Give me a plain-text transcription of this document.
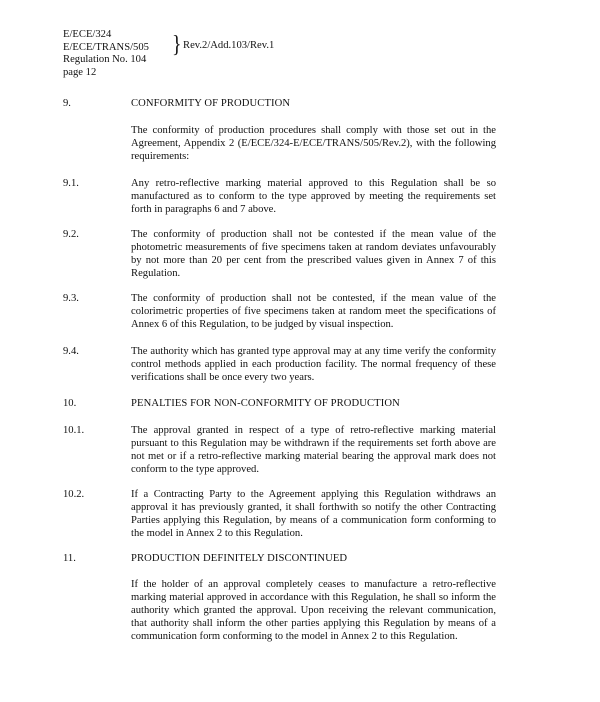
E/ECE/324
E/ECE/TRANS/505
Regulation No. 104
page 12
} Rev.2/Add.103/Rev.1
9.	CONFORMITY OF PRODUCTION
The conformity of production procedures shall comply with those set out in the Agreement, Appendix 2 (E/ECE/324-E/ECE/TRANS/505/Rev.2), with the following requirements:
9.1.	Any retro-reflective marking material approved to this Regulation shall be so manufactured as to conform to the type approved by meeting the requirements set forth in paragraphs 6 and 7 above.
9.2.	The conformity of production shall not be contested if the mean value of the photometric measurements of five specimens taken at random deviates unfavourably by not more than 20 per cent from the prescribed values given in Annex 7 of this Regulation.
9.3.	The conformity of production shall not be contested, if the mean value of the colorimetric properties of five specimens taken at random meet the specifications of Annex 6 of this Regulation, to be judged by visual inspection.
9.4.	The authority which has granted type approval may at any time verify the conformity control methods applied in each production facility. The normal frequency of these verifications shall be once every two years.
10.	PENALTIES FOR NON-CONFORMITY OF PRODUCTION
10.1.	The approval granted in respect of a type of retro-reflective marking material pursuant to this Regulation may be withdrawn if the requirements set forth above are not met or if a retro-reflective marking material bearing the approval mark does not conform to the type approved.
10.2.	If a Contracting Party to the Agreement applying this Regulation withdraws an approval it has previously granted, it shall forthwith so notify the other Contracting Parties applying this Regulation, by means of a communication form conforming to the model in Annex 2 to this Regulation.
11.	PRODUCTION DEFINITELY DISCONTINUED
If the holder of an approval completely ceases to manufacture a retro-reflective marking material approved in accordance with this Regulation, he shall so inform the authority which granted the approval. Upon receiving the relevant communication, that authority shall inform the other parties applying this Regulation by means of a communication form conforming to the model in Annex 2 to this Regulation.
